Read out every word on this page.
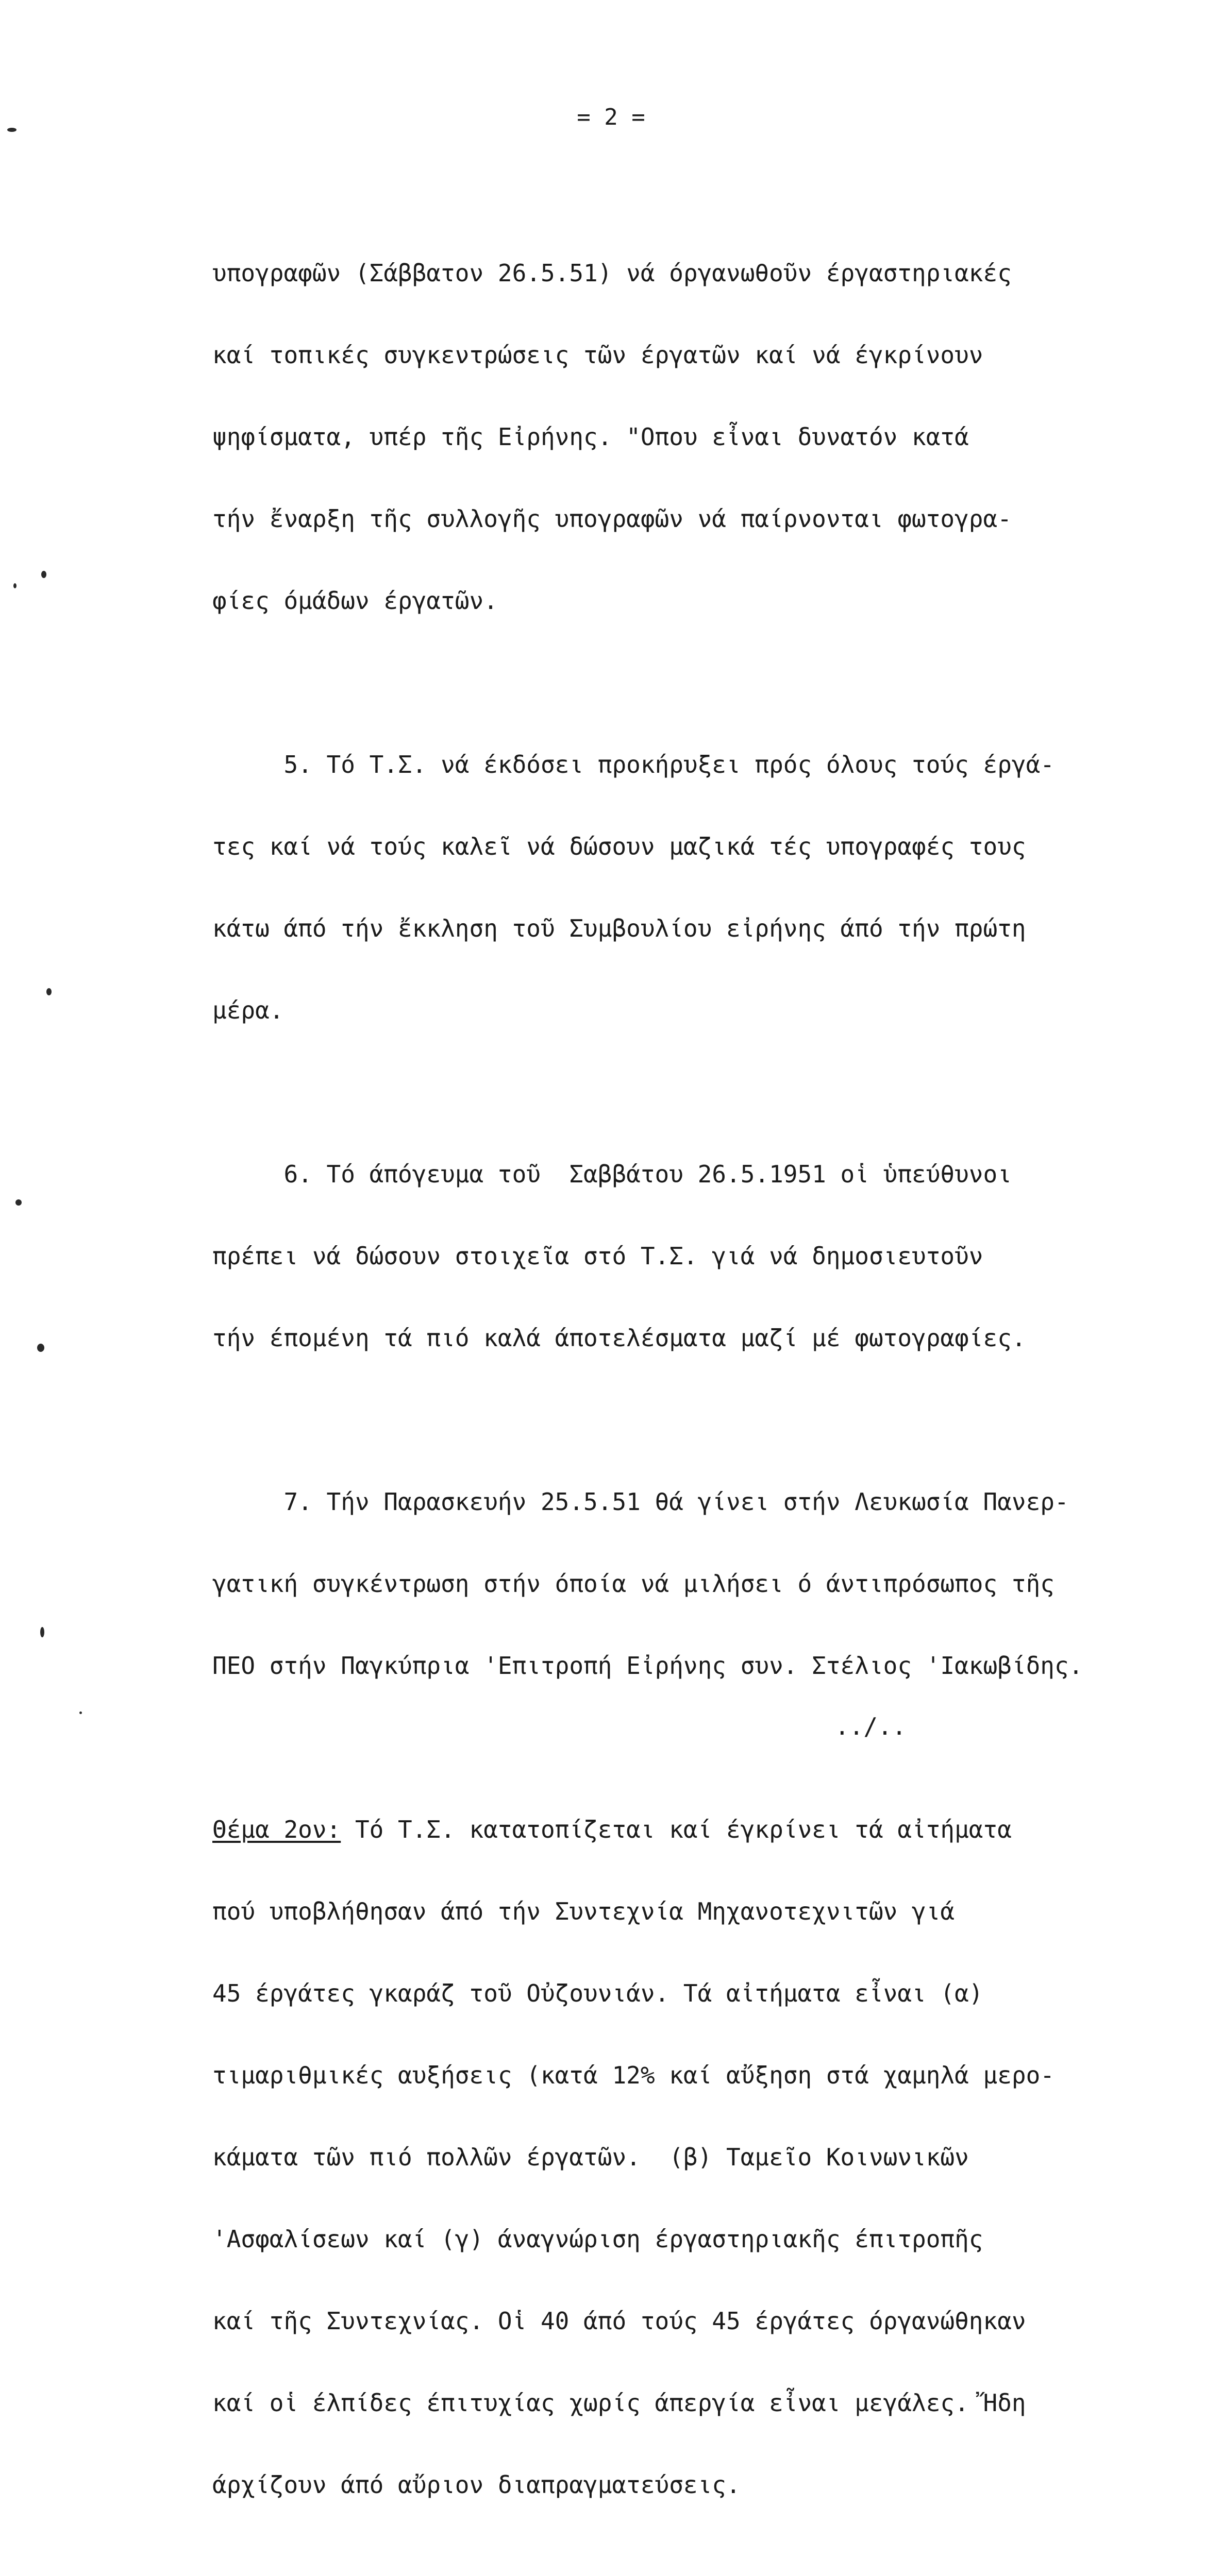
= 2 =

υπογραφῶν (Σάββατον 26.5.51) νά όργανωθοῦν έργαστηριακές

καί τοπικές συγκεντρώσεις τῶν έργατῶν καί νά έγκρίνουν

ψηφίσματα, υπέρ τῆς Εἰρήνης. "Οπου εἶναι δυνατόν κατά

τήν ἔναρξη τῆς συλλογῆς υπογραφῶν νά παίρνονται φωτογρα-

φίες όμάδων έργατῶν.

5. Τό Τ.Σ. νά έκδόσει προκήρυξει πρός όλους τούς έργά-

τες καί νά τούς καλεῖ νά δώσουν μαζικά τές υπογραφές τους

κάτω άπό τήν ἔκκληση τοῦ Συμβουλίου εἰρήνης άπό τήν πρώτη

μέρα.

6. Τό άπόγευμα τοῦ  Σαββάτου 26.5.1951 οἱ ὑπεύθυνοι

πρέπει νά δώσουν στοιχεῖα στό Τ.Σ. γιά νά δημοσιευτοῦν

τήν έπομένη τά πιό καλά άποτελέσματα μαζί μέ φωτογραφίες.

7. Τήν Παρασκευήν 25.5.51 θά γίνει στήν Λευκωσία Πανερ-

γατική συγκέντρωση στήν όποία νά μιλήσει ό άντιπρόσωπος τῆς

ΠΕΟ στήν Παγκύπρια 'Επιτροπή Εἰρήνης συν. Στέλιος 'Ιακωβίδης.

Θέμα 2ον: Τό Τ.Σ. κατατοπίζεται καί έγκρίνει τά αἰτήματα

πού υποβλήθησαν άπό τήν Συντεχνία Μηχανοτεχνιτῶν γιά

45 έργάτες γκαράζ τοῦ Οὐζουνιάν. Τά αἰτήματα εἶναι (α)

τιμαριθμικές αυξήσεις (κατά 12% καί αὔξηση στά χαμηλά μερο-

κάματα τῶν πιό πολλῶν έργατῶν.  (β) Ταμεῖο Κοινωνικῶν

'Ασφαλίσεων καί (γ) άναγνώριση έργαστηριακῆς έπιτροπῆς

καί τῆς Συντεχνίας. Οἱ 40 άπό τούς 45 έργάτες όργανώθηκαν

καί οἱ έλπίδες έπιτυχίας χωρίς άπεργία εἶναι μεγάλες. Ἤδη

άρχίζουν άπό αὔριον διαπραγματεύσεις.

../..
